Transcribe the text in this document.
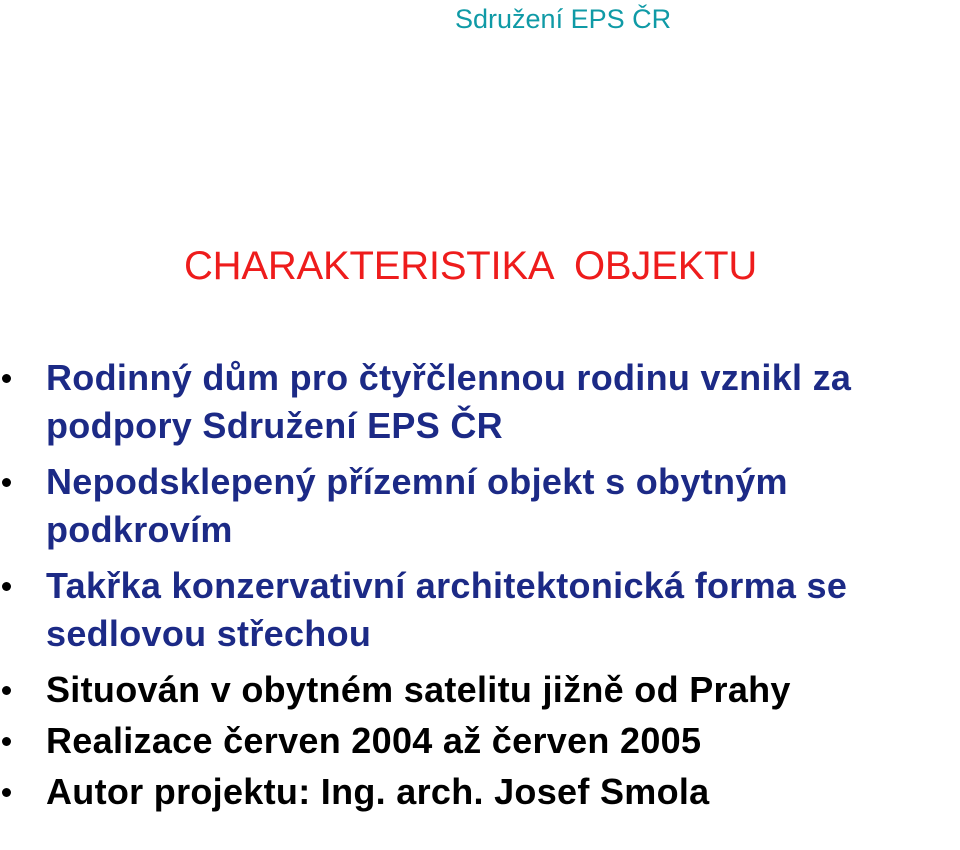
Sdružení EPS ČR
CHARAKTERISTIKA  OBJEKTU
Rodinný dům pro čtyřčlennou rodinu vznikl za
podpory Sdružení EPS ČR
Nepodsklepený přízemní objekt s obytným
podkrovím
Takřka konzervativní architektonická forma se
sedlovou střechou
Situován v obytném satelitu jižně od Prahy
Realizace červen 2004 až červen 2005
Autor projektu: Ing. arch. Josef Smola
